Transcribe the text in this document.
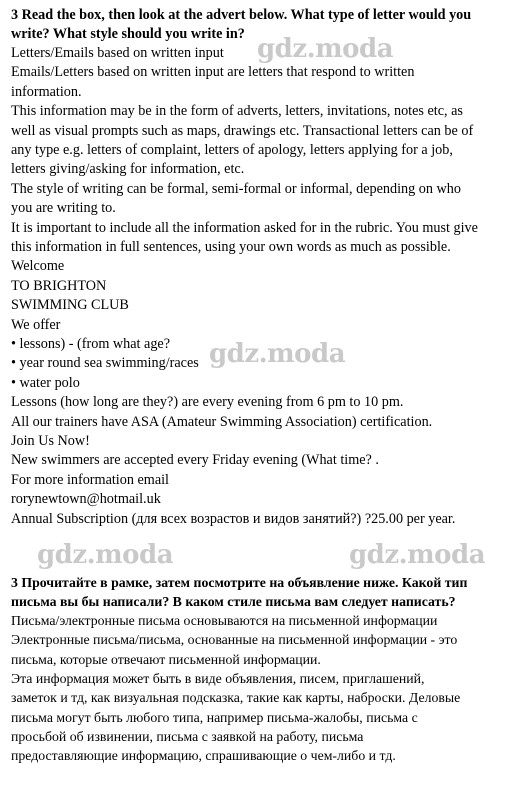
3 Read the box, then look at the advert below. What type of letter would you
write? What style should you write in?
Letters/Emails based on written input
Emails/Letters based on written input are letters that respond to written
information.
This information may be in the form of adverts, letters, invitations, notes etc, as
well as visual prompts such as maps, drawings etc. Transactional letters can be of
any type e.g. letters of complaint, letters of apology, letters applying for a job,
letters giving/asking for information, etc.
The style of writing can be formal, semi-formal or informal, depending on who
you are writing to.
It is important to include all the information asked for in the rubric. You must give
this information in full sentences, using your own words as much as possible.
Welcome
TO BRIGHTON
SWIMMING CLUB
We offer
• lessons) - (from what age?
• year round sea swimming/races
• water polo
Lessons (how long are they?) are every evening from 6 pm to 10 pm.
All our trainers have ASA (Amateur Swimming Association) certification.
Join Us Now!
New swimmers are accepted every Friday evening (What time? .
For more information email
rorynewtown@hotmail.uk
Annual Subscription (для всех возрастов и видов занятий?) ?25.00 per year.
3 Прочитайте в рамке, затем посмотрите на объявление ниже. Какой тип
письма вы бы написали? В каком стиле письма вам следует написать?
Письма/электронные письма основываются на письменной информации
Электронные письма/письма, основанные на письменной информации - это
письма, которые отвечают письменной информации.
Эта информация может быть в виде объявления, писем, приглашений,
заметок и тд, как визуальная подсказка, такие как карты, наброски. Деловые
письма могут быть любого типа, например письма-жалобы, письма с
просьбой об извинении, письма с заявкой на работу, письма
предоставляющие информацию, спрашивающие о чем-либо и тд.
gdz.moda
gdz.moda
gdz.moda	gdz.moda
